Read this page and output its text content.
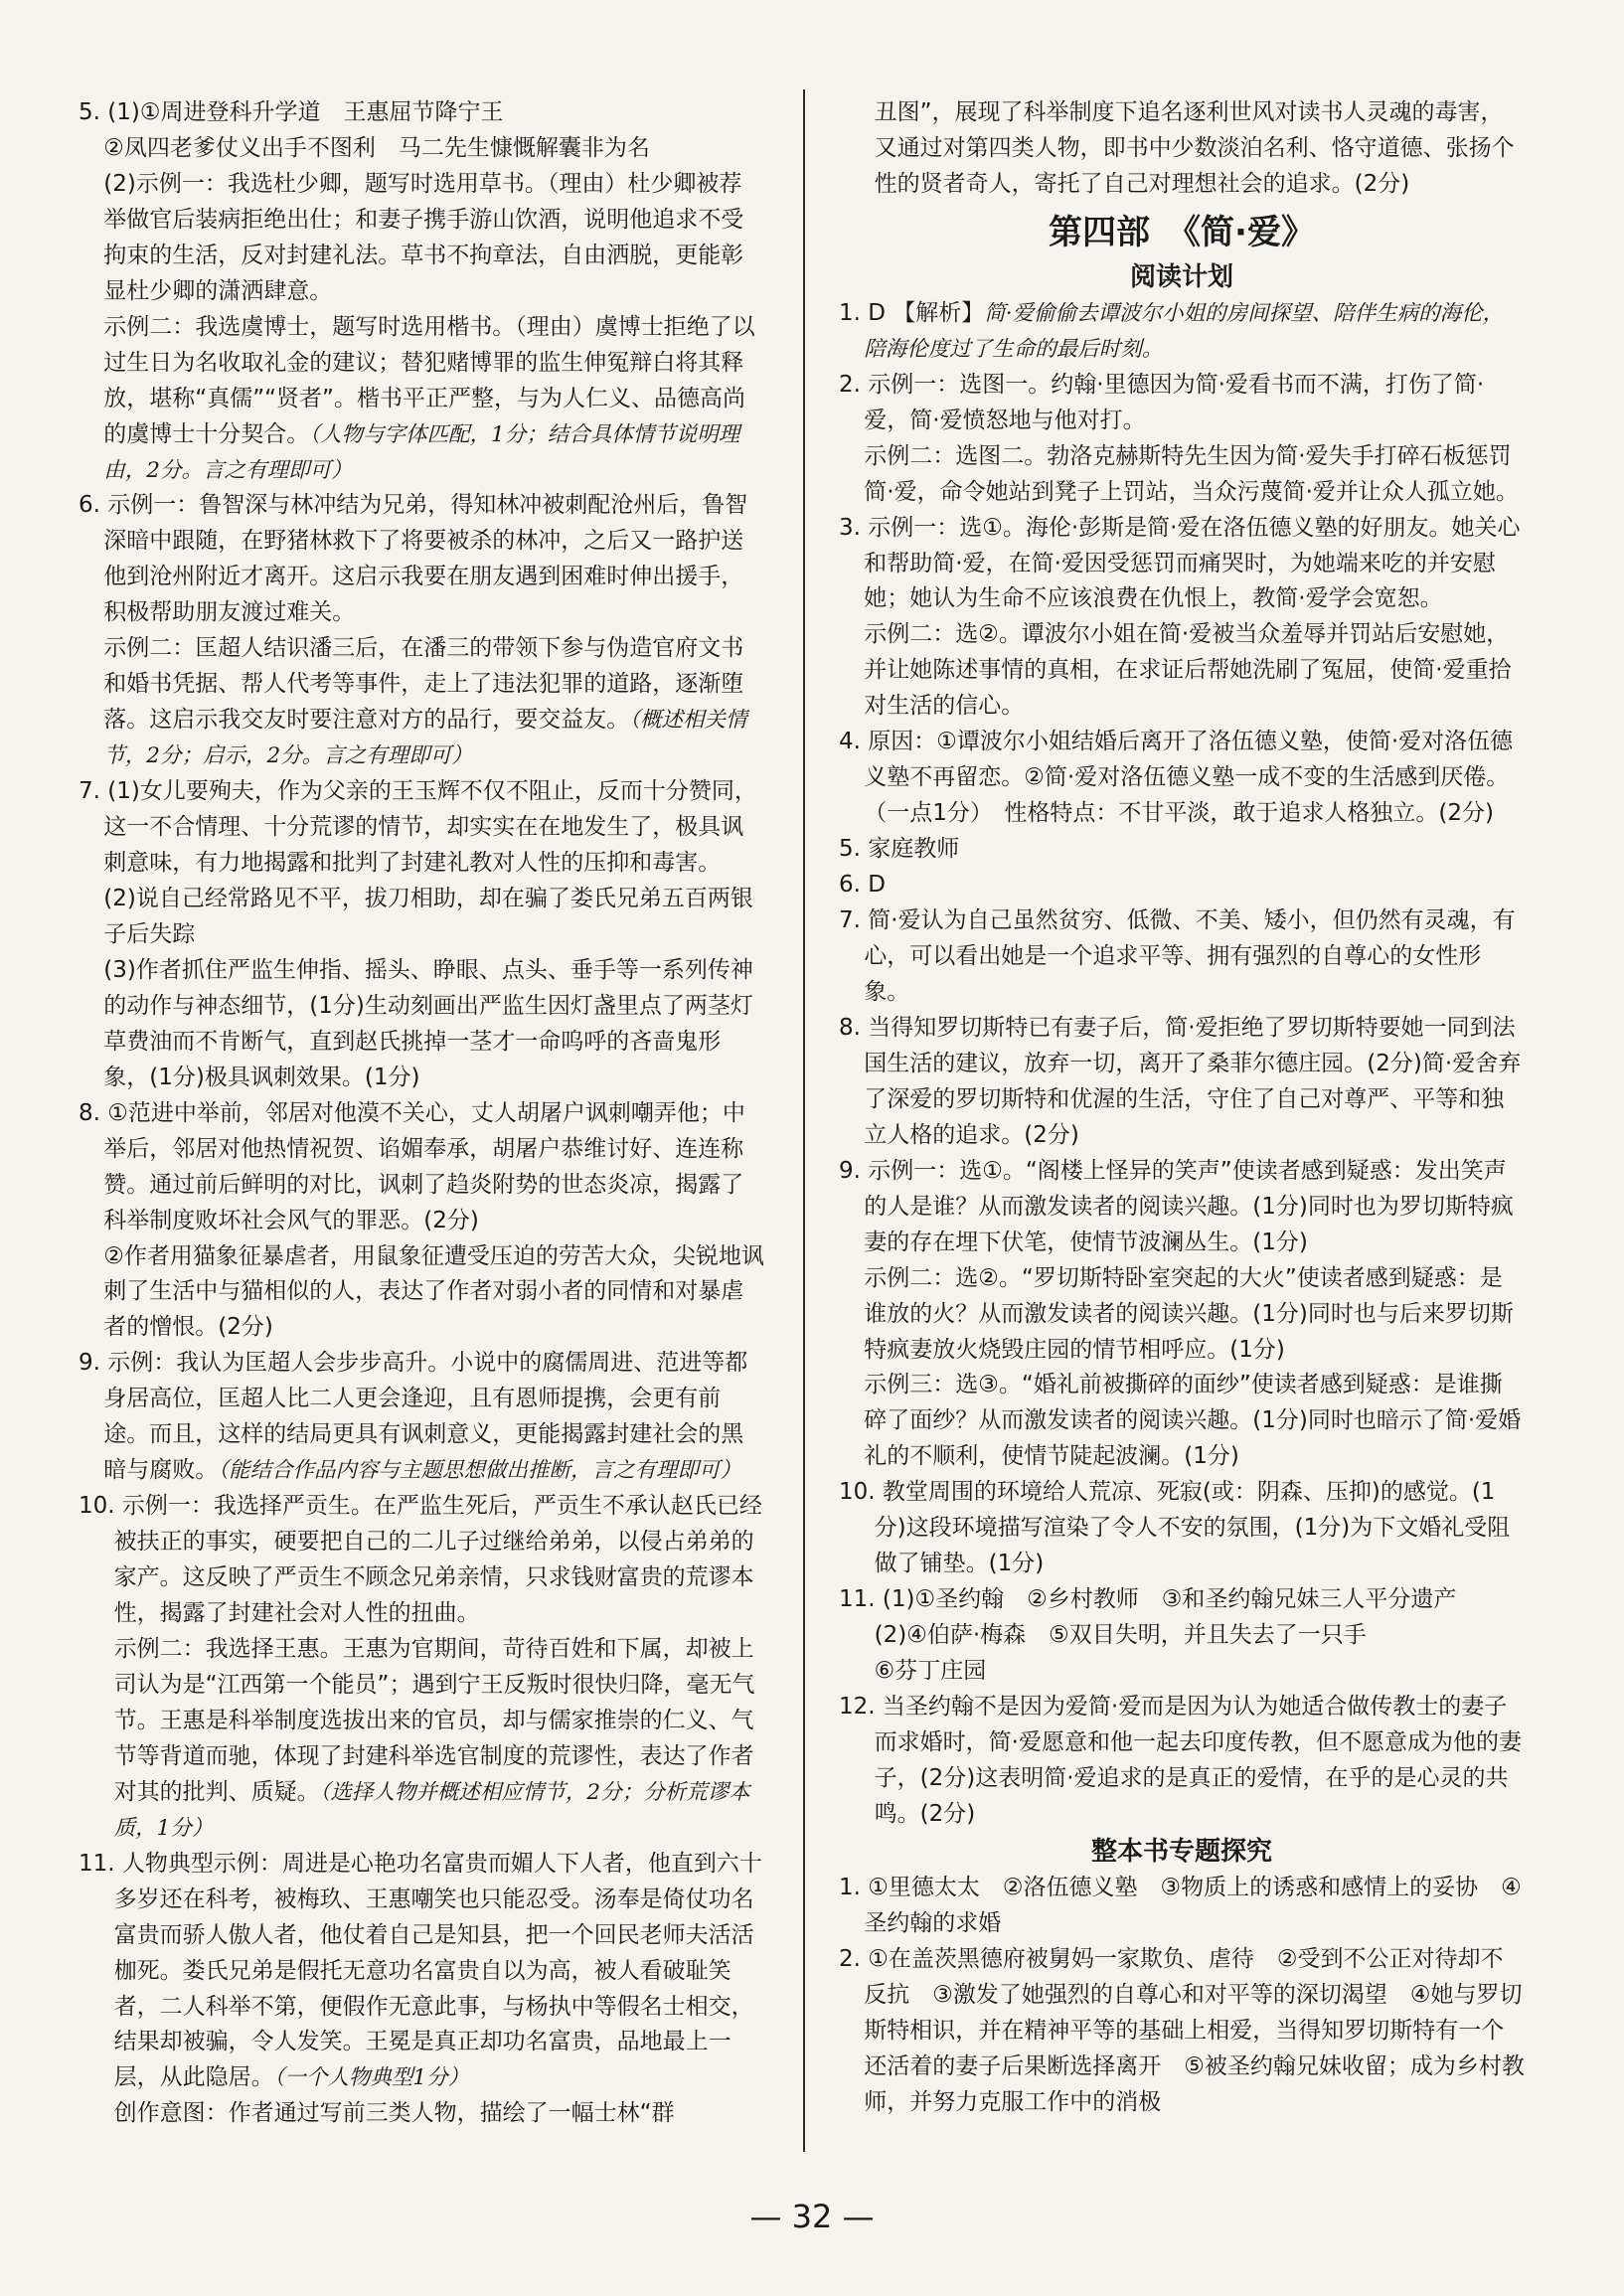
5. (1)①周进登科升学道　王惠屈节降宁王

②凤四老爹仗义出手不图利　马二先生慷慨解囊非为名

(2)示例一：我选杜少卿，题写时选用草书。（理由）杜少卿被荐举做官后装病拒绝出仕；和妻子携手游山饮酒，说明他追求不受拘束的生活，反对封建礼法。草书不拘章法，自由洒脱，更能彰显杜少卿的潇洒肆意。

示例二：我选虞博士，题写时选用楷书。（理由）虞博士拒绝了以过生日为名收取礼金的建议；替犯赌博罪的监生伸冤辩白将其释放，堪称“真儒”“贤者”。楷书平正严整，与为人仁义、品德高尚的虞博士十分契合。（人物与字体匹配，1分；结合具体情节说明理由，2分。言之有理即可）

6. 示例一：鲁智深与林冲结为兄弟，得知林冲被刺配沧州后，鲁智深暗中跟随，在野猪林救下了将要被杀的林冲，之后又一路护送他到沧州附近才离开。这启示我要在朋友遇到困难时伸出援手，积极帮助朋友渡过难关。

示例二：匡超人结识潘三后，在潘三的带领下参与伪造官府文书和婚书凭据、帮人代考等事件，走上了违法犯罪的道路，逐渐堕落。这启示我交友时要注意对方的品行，要交益友。（概述相关情节，2分；启示，2分。言之有理即可）

7. (1)女儿要殉夫，作为父亲的王玉辉不仅不阻止，反而十分赞同，这一不合情理、十分荒谬的情节，却实实在在地发生了，极具讽刺意味，有力地揭露和批判了封建礼教对人性的压抑和毒害。

(2)说自己经常路见不平，拔刀相助，却在骗了娄氏兄弟五百两银子后失踪

(3)作者抓住严监生伸指、摇头、睁眼、点头、垂手等一系列传神的动作与神态细节，(1分)生动刻画出严监生因灯盏里点了两茎灯草费油而不肯断气，直到赵氏挑掉一茎才一命呜呼的吝啬鬼形象，(1分)极具讽刺效果。(1分)

8. ①范进中举前，邻居对他漠不关心，丈人胡屠户讽刺嘲弄他；中举后，邻居对他热情祝贺、谄媚奉承，胡屠户恭维讨好、连连称赞。通过前后鲜明的对比，讽刺了趋炎附势的世态炎凉，揭露了科举制度败坏社会风气的罪恶。(2分)

②作者用猫象征暴虐者，用鼠象征遭受压迫的劳苦大众，尖锐地讽刺了生活中与猫相似的人，表达了作者对弱小者的同情和对暴虐者的憎恨。(2分)

9. 示例：我认为匡超人会步步高升。小说中的腐儒周进、范进等都身居高位，匡超人比二人更会逢迎，且有恩师提携，会更有前途。而且，这样的结局更具有讽刺意义，更能揭露封建社会的黑暗与腐败。（能结合作品内容与主题思想做出推断，言之有理即可）

10. 示例一：我选择严贡生。在严监生死后，严贡生不承认赵氏已经被扶正的事实，硬要把自己的二儿子过继给弟弟，以侵占弟弟的家产。这反映了严贡生不顾念兄弟亲情，只求钱财富贵的荒谬本性，揭露了封建社会对人性的扭曲。

示例二：我选择王惠。王惠为官期间，苛待百姓和下属，却被上司认为是“江西第一个能员”；遇到宁王反叛时很快归降，毫无气节。王惠是科举制度选拔出来的官员，却与儒家推崇的仁义、气节等背道而驰，体现了封建科举选官制度的荒谬性，表达了作者对其的批判、质疑。（选择人物并概述相应情节，2分；分析荒谬本质，1分）

11. 人物典型示例：周进是心艳功名富贵而媚人下人者，他直到六十多岁还在科考，被梅玖、王惠嘲笑也只能忍受。汤奉是倚仗功名富贵而骄人傲人者，他仗着自己是知县，把一个回民老师夫活活枷死。娄氏兄弟是假托无意功名富贵自以为高，被人看破耻笑者，二人科举不第，便假作无意此事，与杨执中等假名士相交，结果却被骗，令人发笑。王冕是真正却功名富贵，品地最上一层，从此隐居。（一个人物典型1分）

创作意图：作者通过写前三类人物，描绘了一幅士林“群

丑图”，展现了科举制度下追名逐利世风对读书人灵魂的毒害，又通过对第四类人物，即书中少数淡泊名利、恪守道德、张扬个性的贤者奇人，寄托了自己对理想社会的追求。(2分)

第四部　《简·爱》

阅读计划

1. D 【解析】简·爱偷偷去谭波尔小姐的房间探望、陪伴生病的海伦，陪海伦度过了生命的最后时刻。

2. 示例一：选图一。约翰·里德因为简·爱看书而不满，打伤了简·爱，简·爱愤怒地与他对打。

示例二：选图二。勃洛克赫斯特先生因为简·爱失手打碎石板惩罚简·爱，命令她站到凳子上罚站，当众污蔑简·爱并让众人孤立她。

3. 示例一：选①。海伦·彭斯是简·爱在洛伍德义塾的好朋友。她关心和帮助简·爱，在简·爱因受惩罚而痛哭时，为她端来吃的并安慰她；她认为生命不应该浪费在仇恨上，教简·爱学会宽恕。

示例二：选②。谭波尔小姐在简·爱被当众羞辱并罚站后安慰她，并让她陈述事情的真相，在求证后帮她洗刷了冤屈，使简·爱重拾对生活的信心。

4. 原因：①谭波尔小姐结婚后离开了洛伍德义塾，使简·爱对洛伍德义塾不再留恋。②简·爱对洛伍德义塾一成不变的生活感到厌倦。（一点1分）　性格特点：不甘平淡，敢于追求人格独立。(2分)

5. 家庭教师

6. D

7. 简·爱认为自己虽然贫穷、低微、不美、矮小，但仍然有灵魂，有心，可以看出她是一个追求平等、拥有强烈的自尊心的女性形象。

8. 当得知罗切斯特已有妻子后，简·爱拒绝了罗切斯特要她一同到法国生活的建议，放弃一切，离开了桑菲尔德庄园。(2分)简·爱舍弃了深爱的罗切斯特和优渥的生活，守住了自己对尊严、平等和独立人格的追求。(2分)

9. 示例一：选①。“阁楼上怪异的笑声”使读者感到疑惑：发出笑声的人是谁？从而激发读者的阅读兴趣。(1分)同时也为罗切斯特疯妻的存在埋下伏笔，使情节波澜丛生。(1分)

示例二：选②。“罗切斯特卧室突起的大火”使读者感到疑惑：是谁放的火？从而激发读者的阅读兴趣。(1分)同时也与后来罗切斯特疯妻放火烧毁庄园的情节相呼应。(1分)

示例三：选③。“婚礼前被撕碎的面纱”使读者感到疑惑：是谁撕碎了面纱？从而激发读者的阅读兴趣。(1分)同时也暗示了简·爱婚礼的不顺利，使情节陡起波澜。(1分)

10. 教堂周围的环境给人荒凉、死寂(或：阴森、压抑)的感觉。(1分)这段环境描写渲染了令人不安的氛围，(1分)为下文婚礼受阻做了铺垫。(1分)

11. (1)①圣约翰　②乡村教师　③和圣约翰兄妹三人平分遗产

(2)④伯萨·梅森　⑤双目失明，并且失去了一只手

⑥芬丁庄园

12. 当圣约翰不是因为爱简·爱而是因为认为她适合做传教士的妻子而求婚时，简·爱愿意和他一起去印度传教，但不愿意成为他的妻子，(2分)这表明简·爱追求的是真正的爱情，在乎的是心灵的共鸣。(2分)

整本书专题探究

1. ①里德太太　②洛伍德义塾　③物质上的诱惑和感情上的妥协　④圣约翰的求婚

2. ①在盖茨黑德府被舅妈一家欺负、虐待　②受到不公正对待却不反抗　③激发了她强烈的自尊心和对平等的深切渴望　④她与罗切斯特相识，并在精神平等的基础上相爱，当得知罗切斯特有一个还活着的妻子后果断选择离开　⑤被圣约翰兄妹收留；成为乡村教师，并努力克服工作中的消极

— 32 —
